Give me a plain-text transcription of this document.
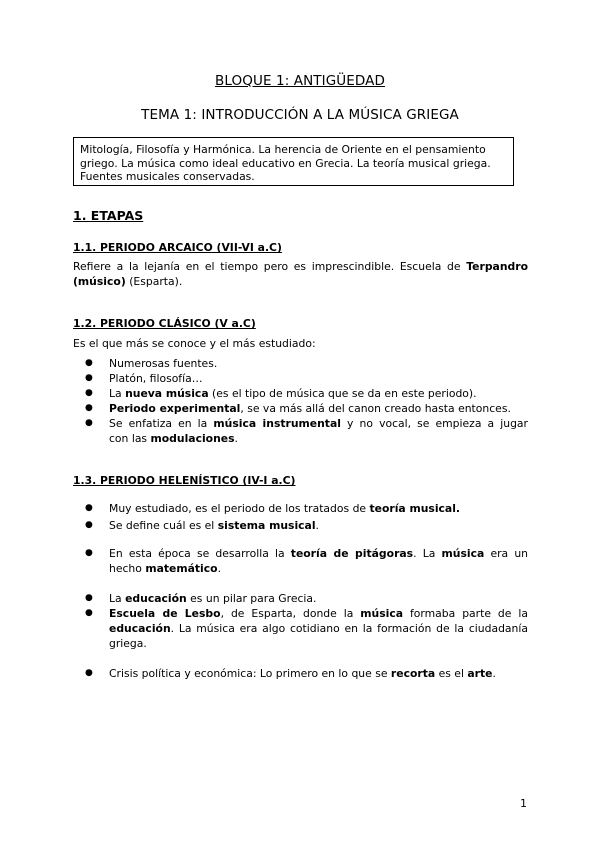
BLOQUE 1: ANTIGÜEDAD
TEMA 1: INTRODUCCIÓN A LA MÚSICA GRIEGA
Mitología, Filosofía y Harmónica. La herencia de Oriente en el pensamiento
griego. La música como ideal educativo en Grecia. La teoría musical griega.
Fuentes musicales conservadas.
1. ETAPAS
1.1. PERIODO ARCAICO (VII-VI a.C)
Refiere a la lejanía en el tiempo pero es imprescindible. Escuela de Terpandro
(músico) (Esparta).
1.2. PERIODO CLÁSICO (V a.C)
Es el que más se conoce y el más estudiado:
●	Numerosas fuentes.
●	Platón, filosofía…
●	La nueva música (es el tipo de música que se da en este periodo).
●	Periodo experimental, se va más allá del canon creado hasta entonces.
●	Se enfatiza en la música instrumental y no vocal, se empieza a jugar
con las modulaciones.
1.3. PERIODO HELENÍSTICO (IV-I a.C)
●	Muy estudiado, es el periodo de los tratados de teoría musical.
●	Se define cuál es el sistema musical.
●	En esta época se desarrolla la teoría de pitágoras. La música era un
hecho matemático.
●	La educación es un pilar para Grecia.
●	Escuela de Lesbo, de Esparta, donde la música formaba parte de la
educación. La música era algo cotidiano en la formación de la ciudadanía
griega.
●	Crisis política y económica: Lo primero en lo que se recorta es el arte.
1
